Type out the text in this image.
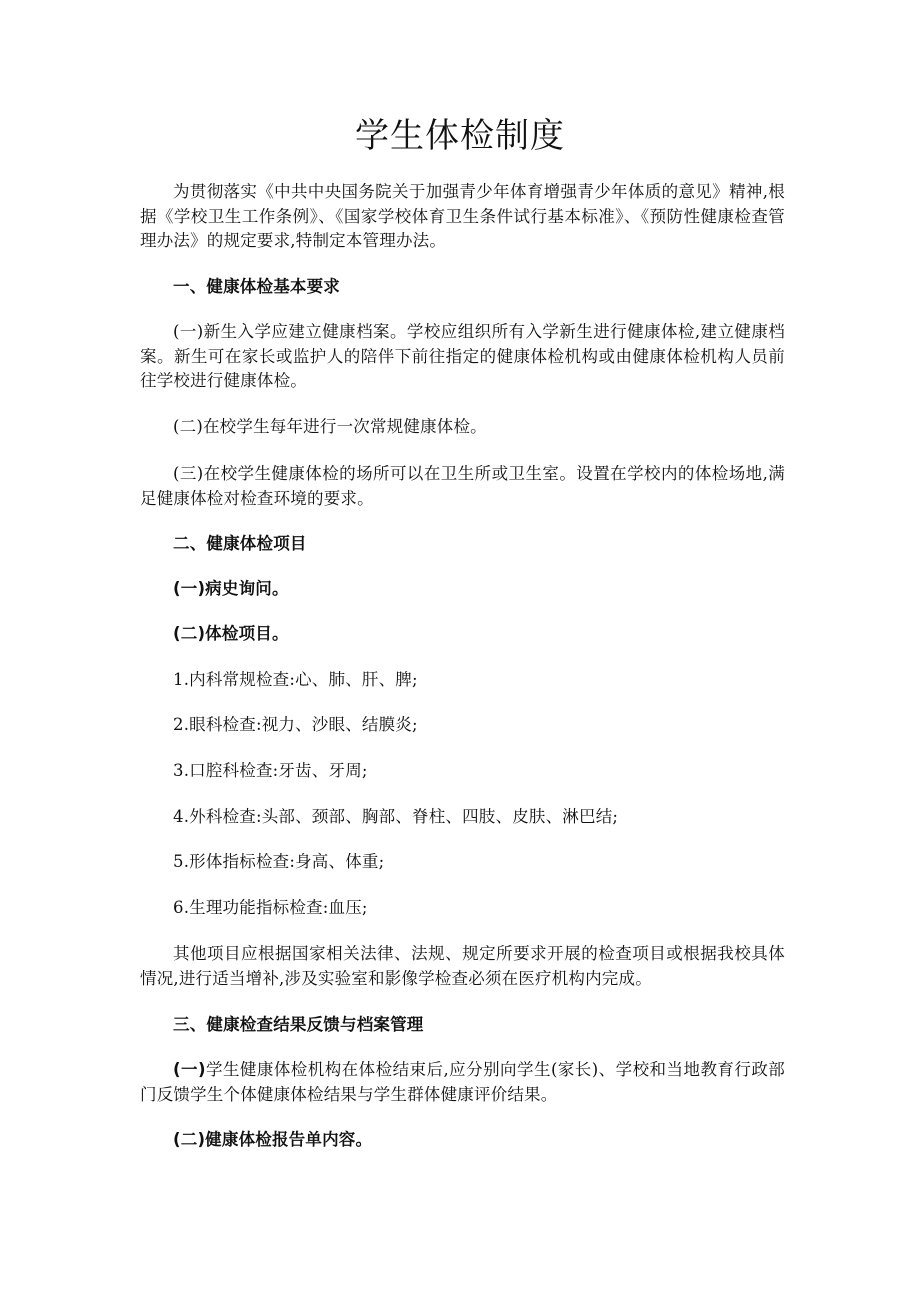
学生体检制度
为贯彻落实《中共中央国务院关于加强青少年体育增强青少年体质的意见》精神,根据《学校卫生工作条例》、《国家学校体育卫生条件试行基本标准》、《预防性健康检查管理办法》的规定要求,特制定本管理办法。
一、健康体检基本要求
(一)新生入学应建立健康档案。学校应组织所有入学新生进行健康体检,建立健康档案。新生可在家长或监护人的陪伴下前往指定的健康体检机构或由健康体检机构人员前往学校进行健康体检。
(二)在校学生每年进行一次常规健康体检。
(三)在校学生健康体检的场所可以在卫生所或卫生室。设置在学校内的体检场地,满足健康体检对检查环境的要求。
二、健康体检项目
(一)病史询问。
(二)体检项目。
1.内科常规检查:心、肺、肝、脾;
2.眼科检查:视力、沙眼、结膜炎;
3.口腔科检查:牙齿、牙周;
4.外科检查:头部、颈部、胸部、脊柱、四肢、皮肤、淋巴结;
5.形体指标检查:身高、体重;
6.生理功能指标检查:血压;
其他项目应根据国家相关法律、法规、规定所要求开展的检查项目或根据我校具体情况,进行适当增补,涉及实验室和影像学检查必须在医疗机构内完成。
三、健康检查结果反馈与档案管理
(一)学生健康体检机构在体检结束后,应分别向学生(家长)、学校和当地教育行政部门反馈学生个体健康体检结果与学生群体健康评价结果。
(二)健康体检报告单内容。
